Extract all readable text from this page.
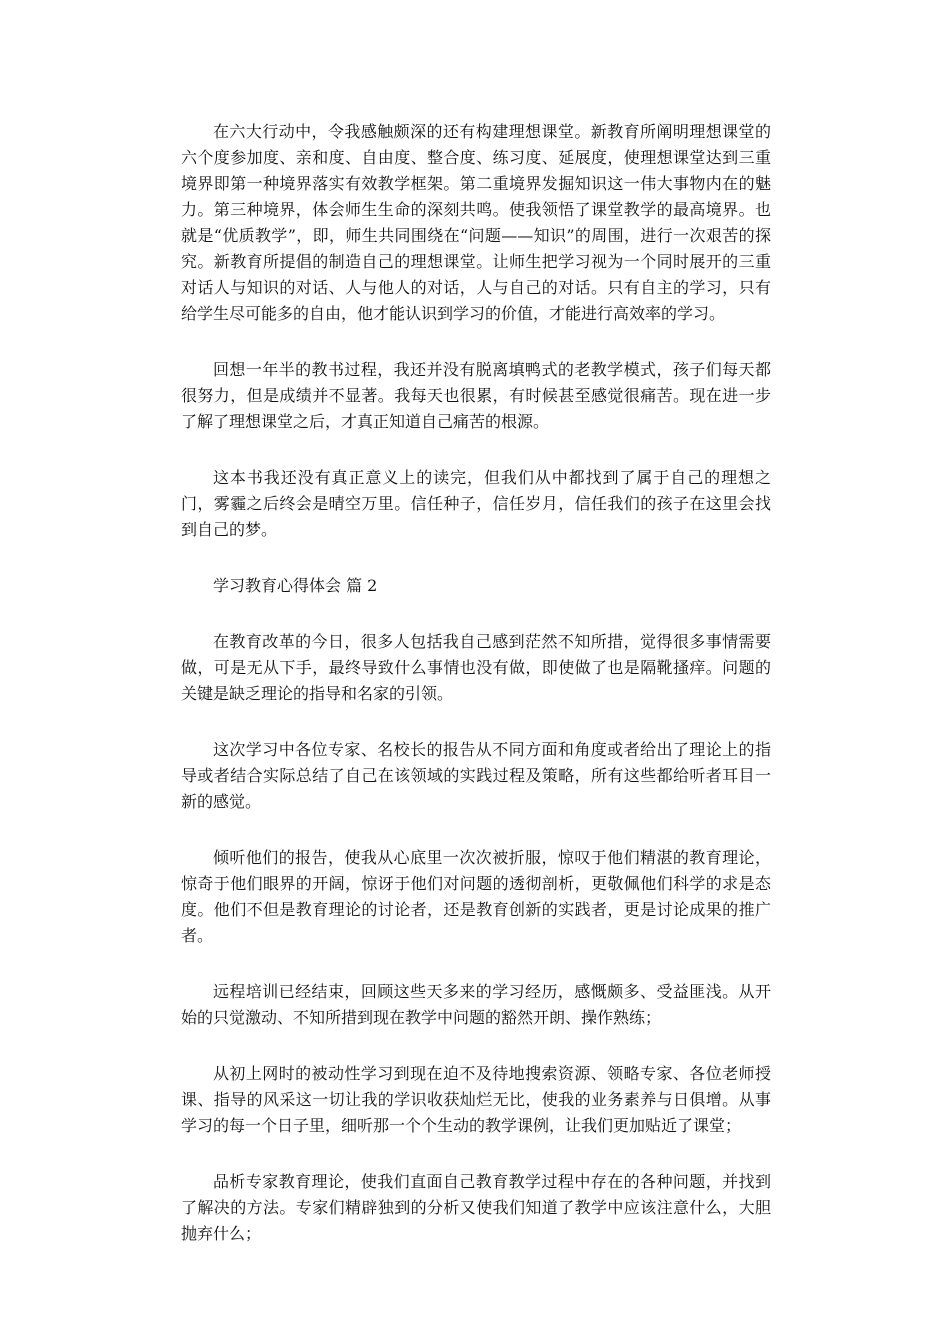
在六大行动中，令我感触颇深的还有构建理想课堂。新教育所阐明理想课堂的六个度参加度、亲和度、自由度、整合度、练习度、延展度，使理想课堂达到三重境界即第一种境界落实有效教学框架。第二重境界发掘知识这一伟大事物内在的魅力。第三种境界，体会师生生命的深刻共鸣。使我领悟了课堂教学的最高境界。也就是“优质教学”，即，师生共同围绕在“问题——知识”的周围，进行一次艰苦的探究。新教育所提倡的制造自己的理想课堂。让师生把学习视为一个同时展开的三重对话人与知识的对话、人与他人的对话，人与自己的对话。只有自主的学习，只有给学生尽可能多的自由，他才能认识到学习的价值，才能进行高效率的学习。

回想一年半的教书过程，我还并没有脱离填鸭式的老教学模式，孩子们每天都很努力，但是成绩并不显著。我每天也很累，有时候甚至感觉很痛苦。现在进一步了解了理想课堂之后，才真正知道自己痛苦的根源。

这本书我还没有真正意义上的读完，但我们从中都找到了属于自己的理想之门，雾霾之后终会是晴空万里。信任种子，信任岁月，信任我们的孩子在这里会找到自己的梦。

学习教育心得体会 篇 2

在教育改革的今日，很多人包括我自己感到茫然不知所措，觉得很多事情需要做，可是无从下手，最终导致什么事情也没有做，即使做了也是隔靴搔痒。问题的关键是缺乏理论的指导和名家的引领。

这次学习中各位专家、名校长的报告从不同方面和角度或者给出了理论上的指导或者结合实际总结了自己在该领域的实践过程及策略，所有这些都给听者耳目一新的感觉。

倾听他们的报告，使我从心底里一次次被折服，惊叹于他们精湛的教育理论，惊奇于他们眼界的开阔，惊讶于他们对问题的透彻剖析，更敬佩他们科学的求是态度。他们不但是教育理论的讨论者，还是教育创新的实践者，更是讨论成果的推广者。

远程培训已经结束，回顾这些天多来的学习经历，感慨颇多、受益匪浅。从开始的只觉激动、不知所措到现在教学中问题的豁然开朗、操作熟练；

从初上网时的被动性学习到现在迫不及待地搜索资源、领略专家、各位老师授课、指导的风采这一切让我的学识收获灿烂无比，使我的业务素养与日俱增。从事学习的每一个日子里，细听那一个个生动的教学课例，让我们更加贴近了课堂；

品析专家教育理论，使我们直面自己教育教学过程中存在的各种问题，并找到了解决的方法。专家们精辟独到的分析又使我们知道了教学中应该注意什么，大胆抛弃什么；
